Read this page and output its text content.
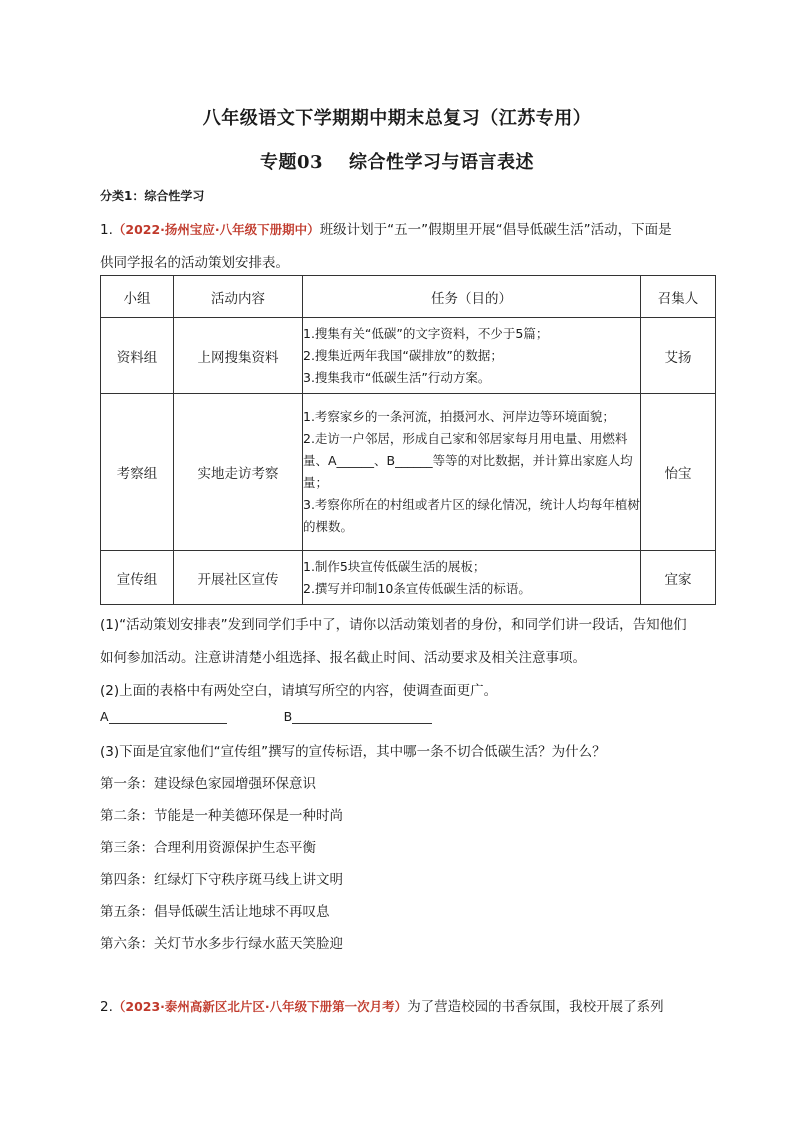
八年级语文下学期期中期末总复习（江苏专用）
专题03 综合性学习与语言表述
分类1：综合性学习
1.（2022·扬州宝应·八年级下册期中）班级计划于“五一”假期里开展“倡导低碳生活”活动，下面是
供同学报名的活动策划安排表。
小组	活动内容	任务（目的）	召集人
资料组	上网搜集资料	1.搜集有关“低碳”的文字资料，不少于5篇；
2.搜集近两年我国“碳排放”的数据；
3.搜集我市“低碳生活”行动方案。	艾扬
考察组	实地走访考察	1.考察家乡的一条河流，拍摄河水、河岸边等环境面貌；
2.走访一户邻居，形成自己家和邻居家每月用电量、用燃料量、A______、B______等等的对比数据，并计算出家庭人均量；
3.考察你所在的村组或者片区的绿化情况，统计人均每年植树的棵数。	怡宝
宣传组	开展社区宣传	1.制作5块宣传低碳生活的展板；
2.撰写并印制10条宣传低碳生活的标语。	宜家
(1)“活动策划安排表”发到同学们手中了，请你以活动策划者的身份，和同学们讲一段话，告知他们
如何参加活动。注意讲清楚小组选择、报名截止时间、活动要求及相关注意事项。
(2)上面的表格中有两处空白，请填写所空的内容，使调查面更广。
A	B
(3)下面是宜家他们“宣传组”撰写的宣传标语，其中哪一条不切合低碳生活？为什么？
第一条：建设绿色家园增强环保意识
第二条：节能是一种美德环保是一种时尚
第三条：合理利用资源保护生态平衡
第四条：红绿灯下守秩序斑马线上讲文明
第五条：倡导低碳生活让地球不再叹息
第六条：关灯节水多步行绿水蓝天笑脸迎
2.（2023·泰州高新区北片区·八年级下册第一次月考）为了营造校园的书香氛围，我校开展了系列
